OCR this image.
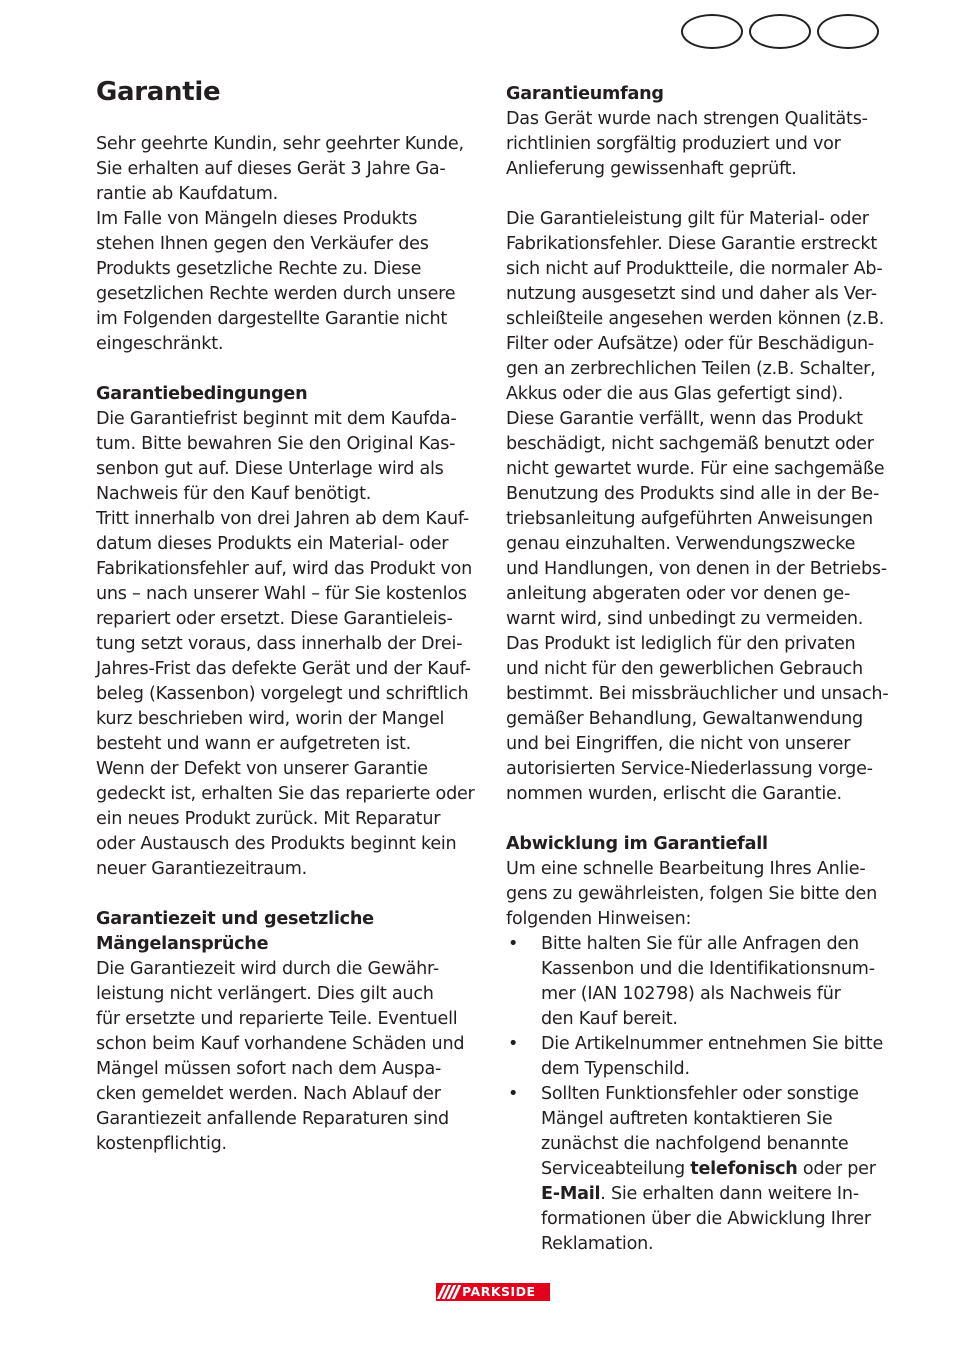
Garantie
Sehr geehrte Kundin, sehr geehrter Kunde,
Sie erhalten auf dieses Gerät 3 Jahre Ga-
rantie ab Kaufdatum.
Im Falle von Mängeln dieses Produkts
stehen Ihnen gegen den Verkäufer des
Produkts gesetzliche Rechte zu. Diese
gesetzlichen Rechte werden durch unsere
im Folgenden dargestellte Garantie nicht
eingeschränkt.
Garantiebedingungen
Die Garantiefrist beginnt mit dem Kaufda-
tum. Bitte bewahren Sie den Original Kas-
senbon gut auf. Diese Unterlage wird als
Nachweis für den Kauf benötigt.
Tritt innerhalb von drei Jahren ab dem Kauf-
datum dieses Produkts ein Material- oder
Fabrikationsfehler auf, wird das Produkt von
uns – nach unserer Wahl – für Sie kostenlos
repariert oder ersetzt. Diese Garantieleis-
tung setzt voraus, dass innerhalb der Drei-
Jahres-Frist das defekte Gerät und der Kauf-
beleg (Kassenbon) vorgelegt und schriftlich
kurz beschrieben wird, worin der Mangel
besteht und wann er aufgetreten ist.
Wenn der Defekt von unserer Garantie
gedeckt ist, erhalten Sie das reparierte oder
ein neues Produkt zurück. Mit Reparatur
oder Austausch des Produkts beginnt kein
neuer Garantiezeitraum.
Garantiezeit und gesetzliche
Mängelansprüche
Die Garantiezeit wird durch die Gewähr-
leistung nicht verlängert. Dies gilt auch
für ersetzte und reparierte Teile. Eventuell
schon beim Kauf vorhandene Schäden und
Mängel müssen sofort nach dem Auspa-
cken gemeldet werden. Nach Ablauf der
Garantiezeit anfallende Reparaturen sind
kostenpflichtig.
Garantieumfang
Das Gerät wurde nach strengen Qualitäts-
richtlinien sorgfältig produziert und vor
Anlieferung gewissenhaft geprüft.
Die Garantieleistung gilt für Material- oder
Fabrikationsfehler. Diese Garantie erstreckt
sich nicht auf Produktteile, die normaler Ab-
nutzung ausgesetzt sind und daher als Ver-
schleißteile angesehen werden können (z.B.
Filter oder Aufsätze) oder für Beschädigun-
gen an zerbrechlichen Teilen (z.B. Schalter,
Akkus oder die aus Glas gefertigt sind).
Diese Garantie verfällt, wenn das Produkt
beschädigt, nicht sachgemäß benutzt oder
nicht gewartet wurde. Für eine sachgemäße
Benutzung des Produkts sind alle in der Be-
triebsanleitung aufgeführten Anweisungen
genau einzuhalten. Verwendungszwecke
und Handlungen, von denen in der Betriebs-
anleitung abgeraten oder vor denen ge-
warnt wird, sind unbedingt zu vermeiden.
Das Produkt ist lediglich für den privaten
und nicht für den gewerblichen Gebrauch
bestimmt. Bei missbräuchlicher und unsach-
gemäßer Behandlung, Gewaltanwendung
und bei Eingriffen, die nicht von unserer
autorisierten Service-Niederlassung vorge-
nommen wurden, erlischt die Garantie.
Abwicklung im Garantiefall
Um eine schnelle Bearbeitung Ihres Anlie-
gens zu gewährleisten, folgen Sie bitte den
folgenden Hinweisen:
• Bitte halten Sie für alle Anfragen den
Kassenbon und die Identifikationsnum-
mer (IAN 102798) als Nachweis für
den Kauf bereit.
• Die Artikelnummer entnehmen Sie bitte
dem Typenschild.
• Sollten Funktionsfehler oder sonstige
Mängel auftreten kontaktieren Sie
zunächst die nachfolgend benannte
Serviceabteilung telefonisch oder per
E-Mail. Sie erhalten dann weitere In-
formationen über die Abwicklung Ihrer
Reklamation.
PARKSIDE
